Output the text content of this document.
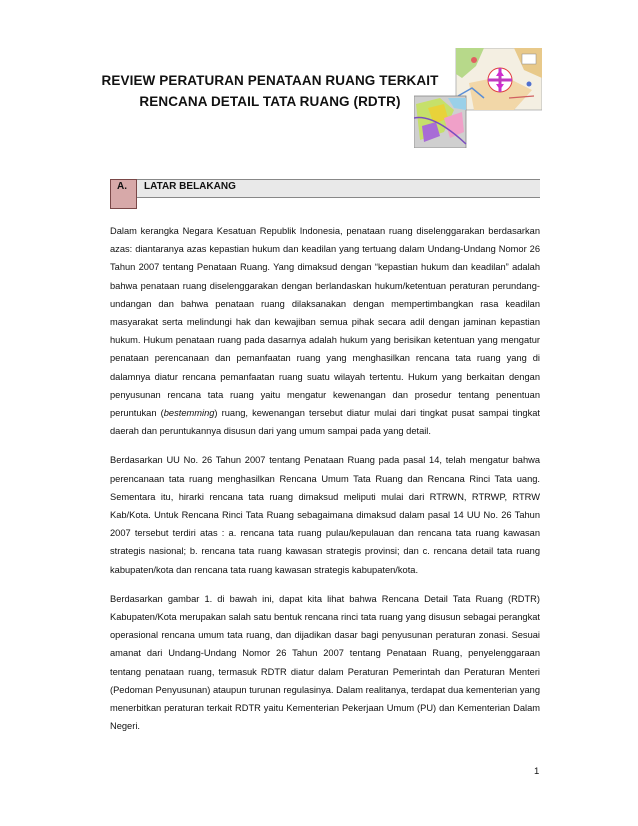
REVIEW PERATURAN PENATAAN RUANG TERKAIT
RENCANA DETAIL TATA RUANG (RDTR)
A. LATAR BELAKANG

Dalam kerangka Negara Kesatuan Republik Indonesia, penataan ruang diselenggarakan berdasarkan azas: diantaranya azas kepastian hukum dan keadilan yang tertuang dalam Undang-Undang Nomor 26 Tahun 2007 tentang Penataan Ruang. Yang dimaksud dengan “kepastian hukum dan keadilan” adalah bahwa penataan ruang diselenggarakan dengan berlandaskan hukum/ketentuan peraturan perundang-undangan dan bahwa penataan ruang dilaksanakan dengan mempertimbangkan rasa keadilan masyarakat serta melindungi hak dan kewajiban semua pihak secara adil dengan jaminan kepastian hukum. Hukum penataan ruang pada dasarnya adalah hukum yang berisikan ketentuan yang mengatur penataan perencanaan dan pemanfaatan ruang yang menghasilkan rencana tata ruang yang di dalamnya diatur rencana pemanfaatan ruang suatu wilayah tertentu. Hukum yang berkaitan dengan penyusunan rencana tata ruang yaitu mengatur kewenangan dan prosedur tentang penentuan peruntukan (bestemming) ruang, kewenangan tersebut diatur mulai dari tingkat pusat sampai tingkat daerah dan peruntukannya disusun dari yang umum sampai pada yang detail.

Berdasarkan UU No. 26 Tahun 2007 tentang Penataan Ruang pada pasal 14, telah mengatur bahwa perencanaan tata ruang menghasilkan Rencana Umum Tata Ruang dan Rencana Rinci Tata uang. Sementara itu, hirarki rencana tata ruang dimaksud meliputi mulai dari RTRWN, RTRWP, RTRW Kab/Kota. Untuk Rencana Rinci Tata Ruang sebagaimana dimaksud dalam pasal 14 UU No. 26 Tahun 2007 tersebut terdiri atas : a. rencana tata ruang pulau/kepulauan dan rencana tata ruang kawasan strategis nasional; b. rencana tata ruang kawasan strategis provinsi; dan c. rencana detail tata ruang kabupaten/kota dan rencana tata ruang kawasan strategis kabupaten/kota.

Berdasarkan gambar 1. di bawah ini, dapat kita lihat bahwa Rencana Detail Tata Ruang (RDTR) Kabupaten/Kota merupakan salah satu bentuk rencana rinci tata ruang yang disusun sebagai perangkat operasional rencana umum tata ruang, dan dijadikan dasar bagi penyusunan peraturan zonasi. Sesuai amanat dari Undang-Undang Nomor 26 Tahun 2007 tentang Penataan Ruang, penyelenggaraan tentang penataan ruang, termasuk RDTR diatur dalam Peraturan Pemerintah dan Peraturan Menteri (Pedoman Penyusunan) ataupun turunan regulasinya. Dalam realitanya, terdapat dua kementerian yang menerbitkan peraturan terkait RDTR yaitu Kementerian Pekerjaan Umum (PU) dan Kementerian Dalam Negeri.

1
